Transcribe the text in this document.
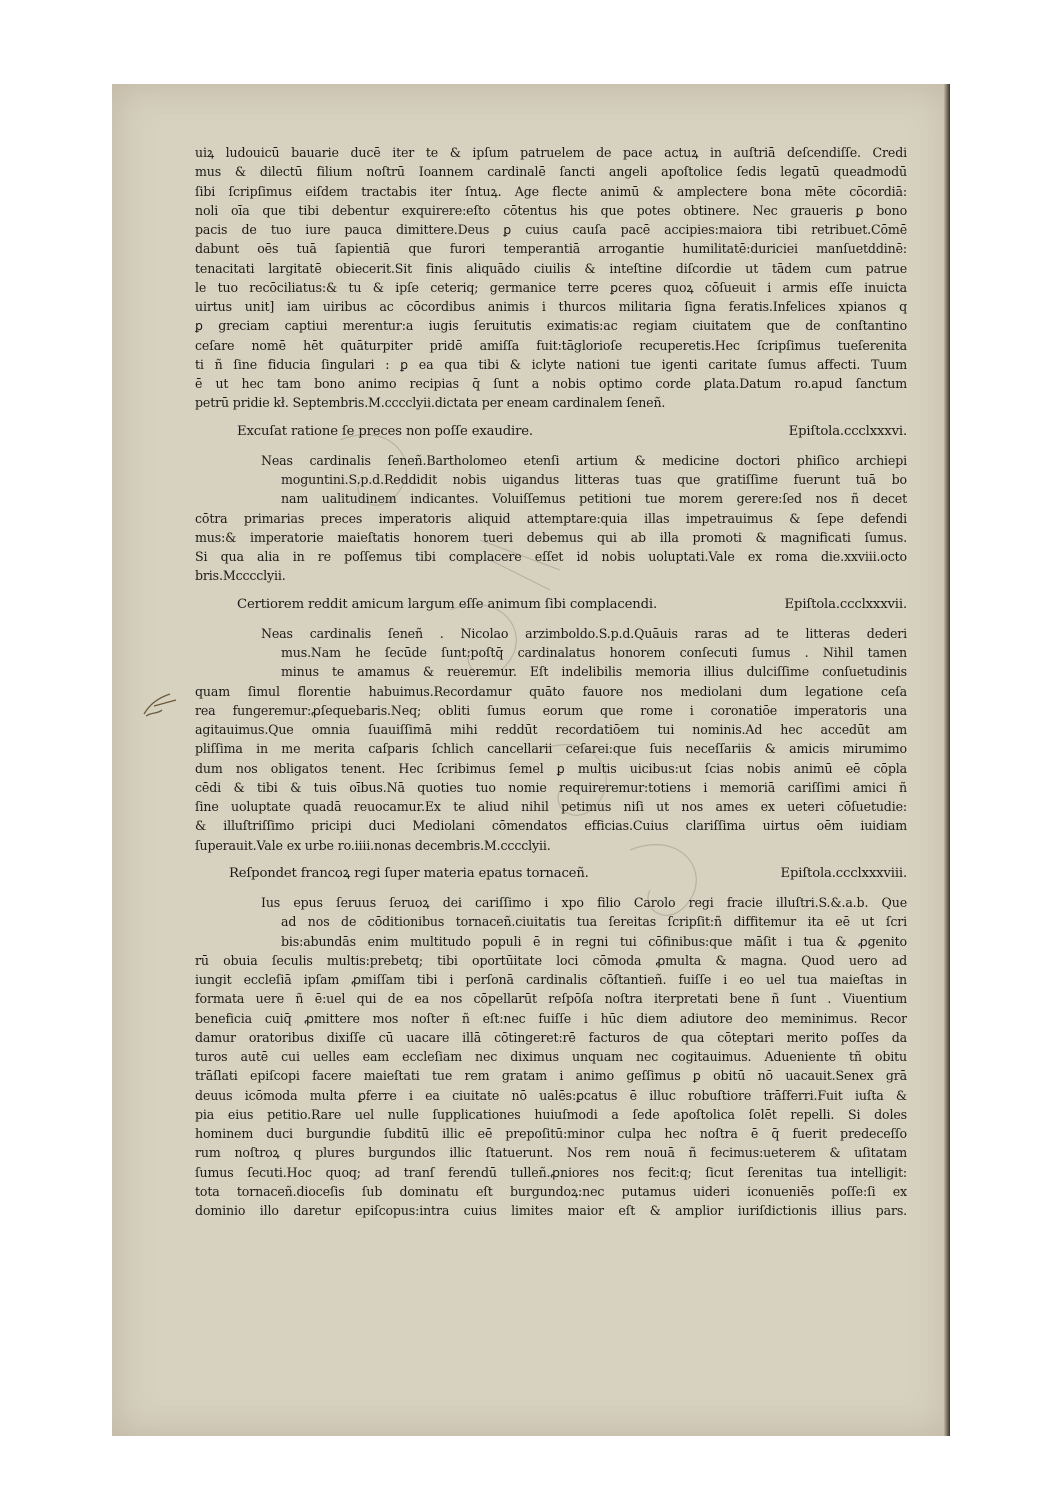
uiꝝ ludouicū bauarie ducē iter te & ipſum patruelem de pace actuꝝ in auſtriā deſcendiſſe. Credi
mus & dilectū filium noſtrū Ioannem cardinalē ſancti angeli apoſtolice ſedis legatū queadmodū
ſibi ſcripſimus eiſdem tractabis iter ſntuꝝ. Age flecte animū & amplectere bona mēte cōcordiā:
noli oīa que tibi debentur exquirere:eſto cōtentus his que potes obtinere. Nec graueris ꝑ bono
pacis de tuo iure pauca dimittere.Deus ꝑ cuius cauſa pacē accipies:maiora tibi retribuet.Cōmē
dabunt oēs tuā ſapientiā que furori temperantiā arrogantie humilitatē:duriciei manſuetddinē:
tenacitati largitatē obiecerit.Sit finis aliquādo ciuilis & inteſtine diſcordie ut tādem cum patrue
le tuo recōciliatus:& tu & ipſe ceteriq; germanice terre ꝑceres quoꝝ cōſueuit i armis eſſe inuicta
uirtus unit] iam uiribus ac cōcordibus animis i thurcos militaria ſigna feratis.Infelices xpianos q
ꝑ greciam captiui merentur:a iugis ſeruitutis eximatis:ac regiam ciuitatem que de conſtantino
ceſare nomē hēt quāturpiter pridē amiſſa fuit:tāglorioſe recuperetis.Hec ſcripſimus tueſerenita
ti ñ ſine fiducia ſingulari : ꝑ ea qua tibi & iclyte nationi tue igenti caritate ſumus affecti. Tuum
ē ut hec tam bono animo recipias q̄ ſunt a nobis optimo corde ꝑlata.Datum ro.apud ſanctum
petrū pridie kł. Septembris.M.cccclyii.dictata per eneam cardinalem ſeneñ.
Excuſat ratione ſe preces non poſſe exaudire.	Epiſtola.ccclxxxvi.
Neas cardinalis ſeneñ.Bartholomeo etenſi artium & medicine doctori phiſico archiepi
moguntini.S.p.d.Reddidit nobis uigandus litteras tuas que gratiſſime fuerunt tuā bo
nam ualitudinem indicantes. Voluiſſemus petitioni tue morem gerere:ſed nos ñ decet
cōtra primarias preces imperatoris aliquid attemptare:quia illas impetrauimus & ſepe defendi
mus:& imperatorie maieſtatis honorem tueri debemus qui ab illa promoti & magnificati ſumus.
Si qua alia in re poſſemus tibi complacere eſſet id nobis uoluptati.Vale ex roma die.xxviii.octo
bris.Mcccclyii.
Certiorem reddit amicum largum eſſe animum ſibi complacendi.	Epiſtola.ccclxxxvii.
Neas cardinalis ſeneñ . Nicolao arzimboldo.S.p.d.Quāuis raras ad te litteras dederi
mus.Nam he ſecūde ſunt:poſtq̄ cardinalatus honorem conſecuti ſumus . Nihil tamen
minus te amamus & reueremur. Eſt indelibilis memoria illius dulciſſime conſuetudinis
quam ſimul florentie habuimus.Recordamur quāto fauore nos mediolani dum legatione ceſa
rea fungeremur:ꝓſequebaris.Neq; obliti ſumus eorum que rome i coronatiōe imperatoris una
agitauimus.Que omnia ſuauiſſimā mihi reddūt recordatiōem tui nominis.Ad hec accedūt am
pliſſima in me merita caſparis ſchlich cancellarii ceſarei:que ſuis neceſſariis & amicis mirumimo
dum nos obligatos tenent. Hec ſcribimus ſemel ꝑ multis uicibus:ut ſcias nobis animū eē cōpla
cēdi & tibi & tuis oībus.Nā quoties tuo nomie requireremur:totiens i memoriā cariſſimi amici ñ
ſine uoluptate quadā reuocamur.Ex te aliud nihil petimus niſi ut nos ames ex ueteri cōſuetudie:
& illuſtriſſimo pricipi duci Mediolani cōmendatos efficias.Cuius clariſſima uirtus oēm iuidiam
ſuperauit.Vale ex urbe ro.iiii.nonas decembris.M.cccclyii.
Reſpondet francoꝝ regi ſuper materia epatus tornaceñ.	Epiſtola.ccclxxxviii.
Ius epus ſeruus ſeruoꝝ dei cariſſimo i xpo filio Carolo regi fracie illuſtri.S.&.a.b. Que
ad nos de cōditionibus tornaceñ.ciuitatis tua ſereitas ſcripſit:ñ diffitemur ita eē ut ſcri
bis:abundās enim multitudo populi ē in regni tui cōfinibus:que māſit i tua & ꝓgenito
rū obuia ſeculis multis:prebetq; tibi oportūitate loci cōmoda ꝓmulta & magna. Quod uero ad
iungit eccleſiā ipſam ꝓmiſſam tibi i perſonā cardinalis cōſtantieñ. fuiſſe i eo uel tua maieſtas in
formata uere ñ ē:uel qui de ea nos cōpellarūt reſpōſa noſtra iterpretati bene ñ ſunt . Viuentium
beneficia cuiq̄ ꝓmittere mos noſter ñ eſt:nec fuiſſe i hūc diem adiutore deo meminimus. Recor
damur oratoribus dixiſſe cū uacare illā cōtingeret:rē facturos de qua cōteptari merito poſſes da
turos autē cui uelles eam eccleſiam nec diximus unquam nec cogitauimus. Adueniente tñ obitu
trāſlati epiſcopi facere maieſtati tue rem gratam i animo geſſimus ꝑ obitū nō uacauit.Senex grā
deuus icōmoda multa ꝑferre i ea ciuitate nō ualēs:ꝑcatus ē illuc robuſtiore trāſferri.Fuit iuſta &
pia eius petitio.Rare uel nulle ſupplicationes huiuſmodi a ſede apoſtolica ſolēt repelli. Si doles
hominem duci burgundie ſubditū illic eē prepoſitū:minor culpa hec noſtra ē q̄ fuerit predeceſſo
rum noſtroꝝ q plures burgundos illic ſtatuerunt. Nos rem nouā ñ fecimus:ueterem & uſitatam
ſumus ſecuti.Hoc quoq; ad tranſ ferendū tulleñ.ꝓniores nos fecit:q; ſicut ſerenitas tua intelligit:
tota tornaceñ.dioceſis ſub dominatu eſt burgundoꝝ:nec putamus uideri iconueniēs poſſe:ſi ex
dominio illo daretur epiſcopus:intra cuius limites maior eſt & amplior iuriſdictionis illius pars.
